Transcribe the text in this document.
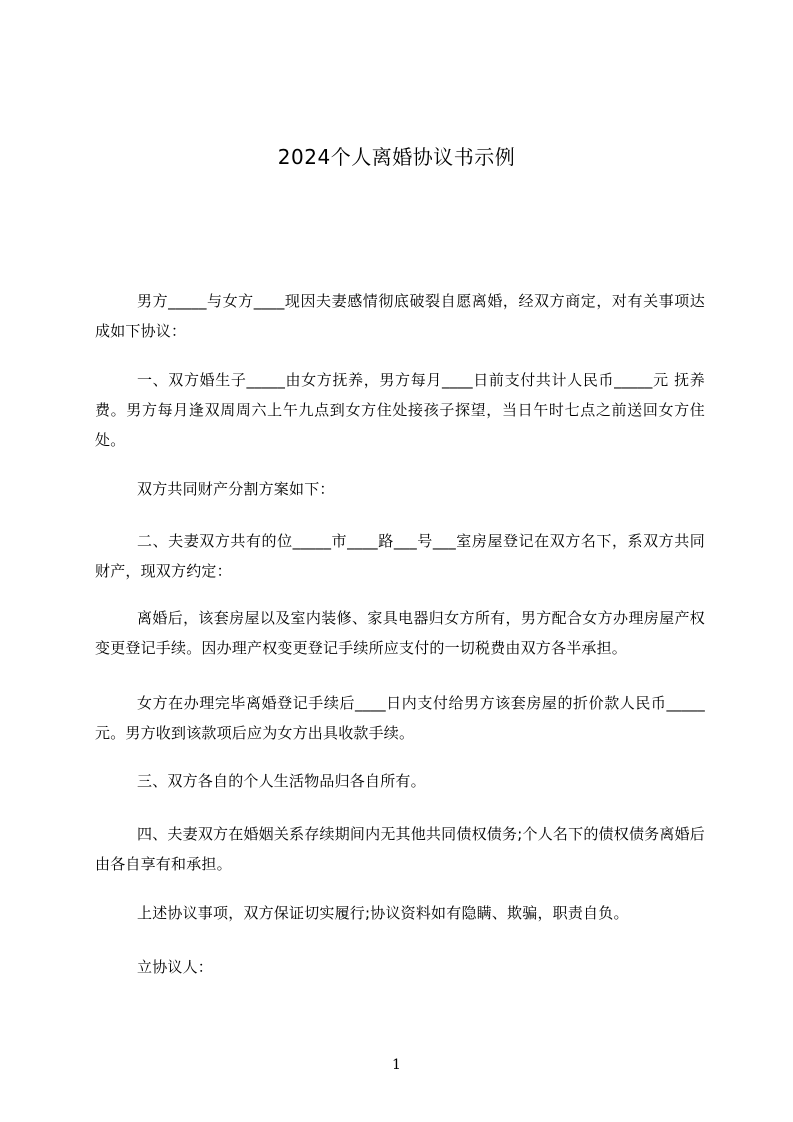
2024个人离婚协议书示例
男方_____与女方____现因夫妻感情彻底破裂自愿离婚，经双方商定，对有关事项达成如下协议：
一、双方婚生子_____由女方抚养，男方每月____日前支付共计人民币_____元 抚养费。男方每月逢双周周六上午九点到女方住处接孩子探望，当日午时七点之前送回女方住处。
双方共同财产分割方案如下：
二、夫妻双方共有的位_____市____路___号___室房屋登记在双方名下，系双方共同财产，现双方约定：
离婚后，该套房屋以及室内装修、家具电器归女方所有，男方配合女方办理房屋产权变更登记手续。因办理产权变更登记手续所应支付的一切税费由双方各半承担。
女方在办理完毕离婚登记手续后____日内支付给男方该套房屋的折价款人民币_____元。男方收到该款项后应为女方出具收款手续。
三、双方各自的个人生活物品归各自所有。
四、夫妻双方在婚姻关系存续期间内无其他共同债权债务;个人名下的债权债务离婚后由各自享有和承担。
上述协议事项，双方保证切实履行;协议资料如有隐瞒、欺骗，职责自负。
立协议人：
1
